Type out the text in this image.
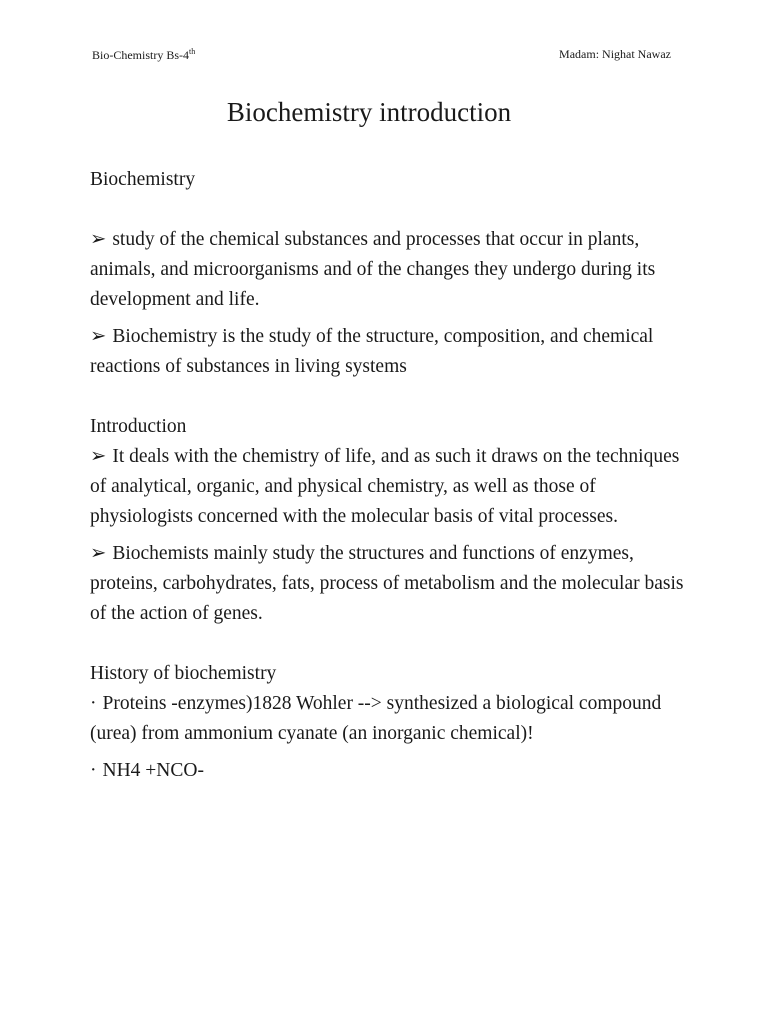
Bio-Chemistry Bs-4th	Madam: Nighat Nawaz
Biochemistry introduction

Biochemistry

➢ study of the chemical substances and processes that occur in plants, animals, and microorganisms and of the changes they undergo during its development and life.

➢ Biochemistry is the study of the structure, composition, and chemical reactions of substances in living systems

Introduction

➢ It deals with the chemistry of life, and as such it draws on the techniques of analytical, organic, and physical chemistry, as well as those of physiologists concerned with the molecular basis of vital processes.

➢ Biochemists mainly study the structures and functions of enzymes, proteins, carbohydrates, fats, process of metabolism and the molecular basis of the action of genes.

History of biochemistry

· Proteins -enzymes)1828 Wohler --> synthesized a biological compound (urea) from ammonium cyanate (an inorganic chemical)!

· NH4 +NCO-
